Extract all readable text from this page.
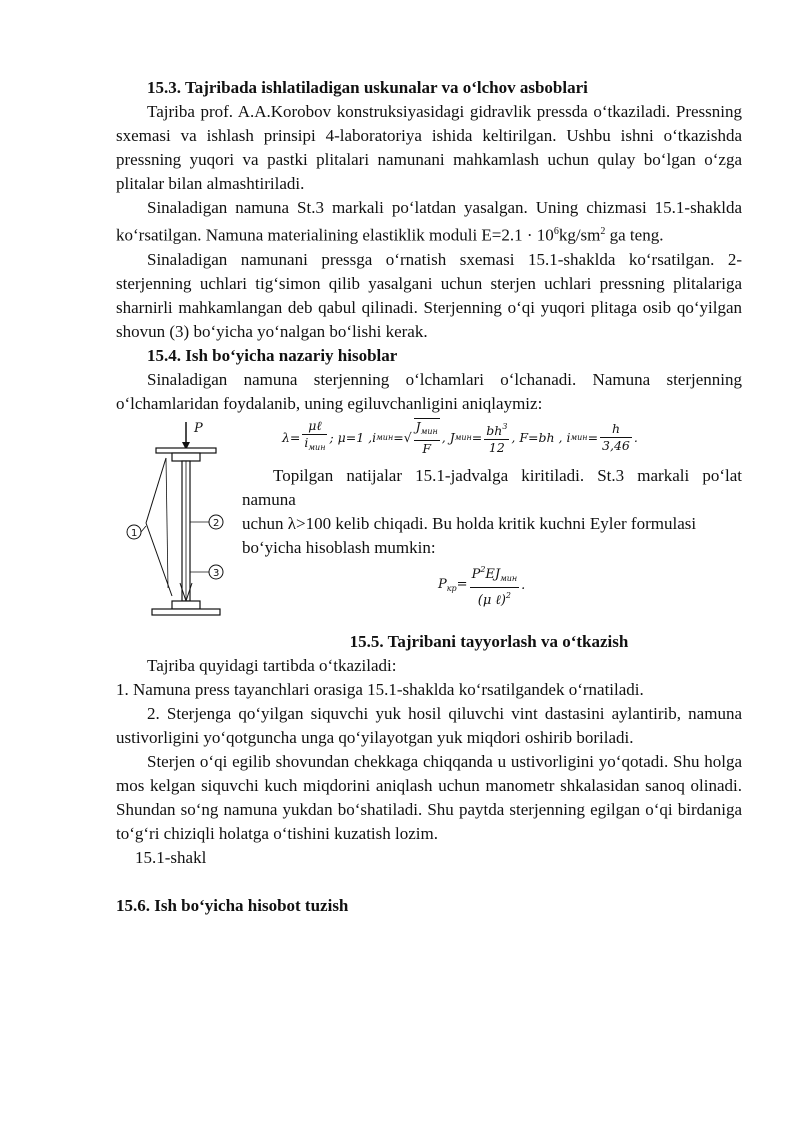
15.3. Tajribada ishlatiladigan uskunalar va o‘lchov asboblari

Tajriba prof. A.A.Korobov konstruksiyasidagi gidravlik pressda o‘tkaziladi. Pressning sxemasi va ishlash prinsipi 4-laboratoriya ishida keltirilgan. Ushbu ishni o‘tkazishda pressning yuqori va pastki plitalari namunani mahkamlash uchun qulay bo‘lgan o‘zga plitalar bilan almashtiriladi.

Sinaladigan namuna St.3 markali po‘latdan yasalgan. Uning chizmasi 15.1-shaklda ko‘rsatilgan. Namuna materialining elastiklik moduli $E=2.1 \cdot 10^6kg/sm^2$ ga teng.

Sinaladigan namunani pressga o‘rnatish sxemasi 15.1-shaklda ko‘rsatilgan. 2-sterjenning uchlari tig‘simon qilib yasalgani uchun sterjen uchlari pressning plitalariga sharnirli mahkamlangan deb qabul qilinadi. Sterjenning o‘qi yuqori plitaga osib qo‘yilgan shovun (3) bo‘yicha yo‘nalgan bo‘lishi kerak.

15.4. Ish bo‘yicha nazariy hisoblar

Sinaladigan namuna sterjenning o‘lchamlari o‘lchanadi. Namuna sterjenning o‘lchamlaridan foydalanib, uning egiluvchanligini aniqlaymiz:

P
1
2
3
$\lambda= \frac{\text{μℓ}}{i_{мин}}$ ; μ=1 ,iмин=√ $\frac{J_{мин}}{F}$ , Jмин= $\frac{bh^3}{12}$ , F=bh , iмин= $\frac{h}{3,46}$ .

Topilgan natijalar 15.1-jadvalga kiritiladi. St.3 markali po‘lat namuna

uchun λ>100 kelib chiqadi. Bu holda kritik kuchni Eyler formulasi bo‘yicha hisoblash mumkin:

$P_{кр}= \frac{P^2EJ_{мин}}{(\mu \ell)^2}$ .

15.5. Tajribani tayyorlash va o‘tkazish

Tajriba quyidagi tartibda o‘tkaziladi:

1. Namuna press tayanchlari orasiga 15.1-shaklda ko‘rsatilgandek o‘rnatiladi.

2. Sterjenga qo‘yilgan siquvchi yuk hosil qiluvchi vint dastasini aylantirib, namuna ustivorligini yo‘qotguncha unga qo‘yilayotgan yuk miqdori oshirib boriladi.

Sterjen o‘qi egilib shovundan chekkaga chiqqanda u ustivorligini yo‘qotadi. Shu holga mos kelgan siquvchi kuch miqdorini aniqlash uchun manometr shkalasidan sanoq olinadi. Shundan so‘ng namuna yukdan bo‘shatiladi. Shu paytda sterjenning egilgan o‘qi birdaniga to‘g‘ri chiziqli holatga o‘tishini kuzatish lozim.

15.1-shakl

15.6. Ish bo‘yicha hisobot tuzish
